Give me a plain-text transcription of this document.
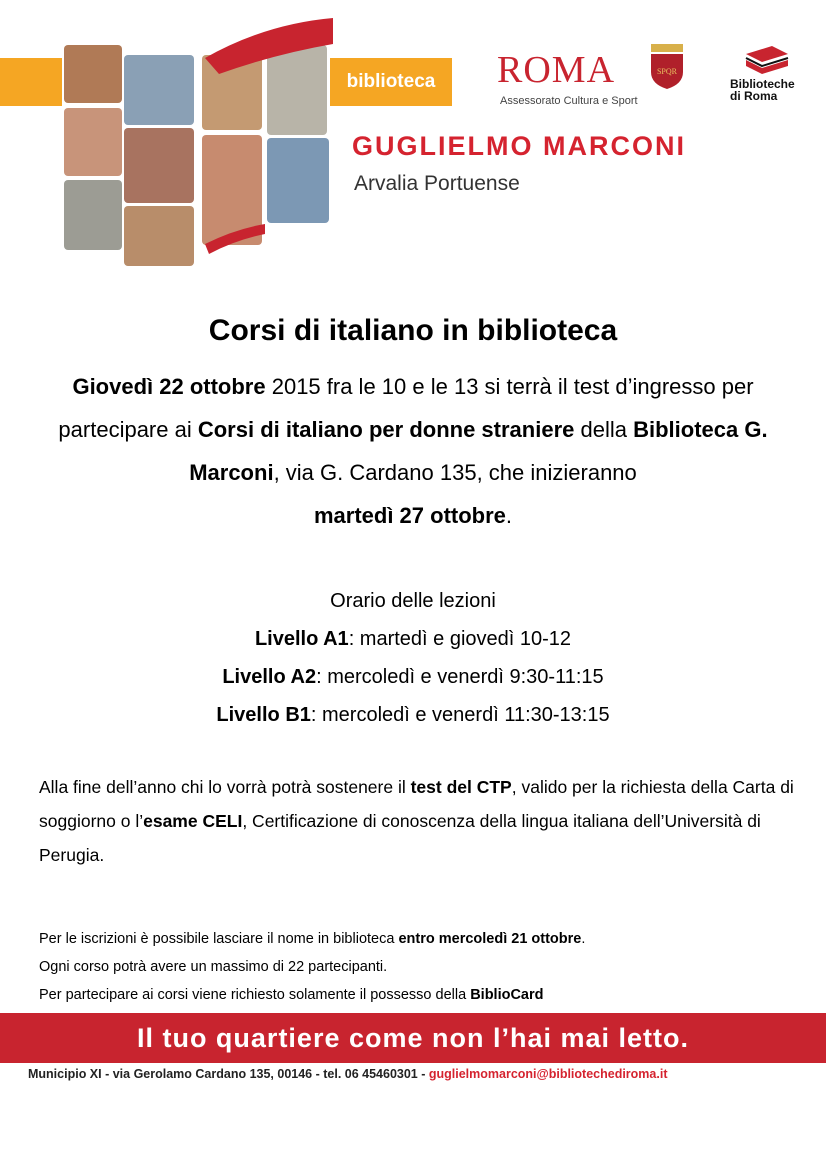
biblioteca	ROMA
Assessorato Cultura e Sport
SPQR
Biblioteche
di Roma
GUGLIELMO MARCONI
Arvalia Portuense
Corsi di italiano in biblioteca
Giovedì 22 ottobre 2015 fra le 10 e le 13 si terrà il test d’ingresso per partecipare ai Corsi di italiano per donne straniere della Biblioteca G. Marconi, via G. Cardano 135, che inizieranno
martedì 27 ottobre.
Orario delle lezioni
Livello A1: martedì e giovedì 10-12
Livello A2: mercoledì e venerdì 9:30-11:15
Livello B1: mercoledì e venerdì 11:30-13:15
Alla fine dell’anno chi lo vorrà potrà sostenere il test del CTP, valido per la richiesta della Carta di soggiorno o l’esame CELI, Certificazione di conoscenza della lingua italiana dell’Università di Perugia.
Per le iscrizioni è possibile lasciare il nome in biblioteca entro mercoledì 21 ottobre.
Ogni corso potrà avere un massimo di 22 partecipanti.
Per partecipare ai corsi viene richiesto solamente il possesso della BiblioCard
Il tuo quartiere come non l’hai mai letto.
Municipio XI - via Gerolamo Cardano 135, 00146 - tel. 06 45460301 - guglielmomarconi@bibliotechediroma.it
